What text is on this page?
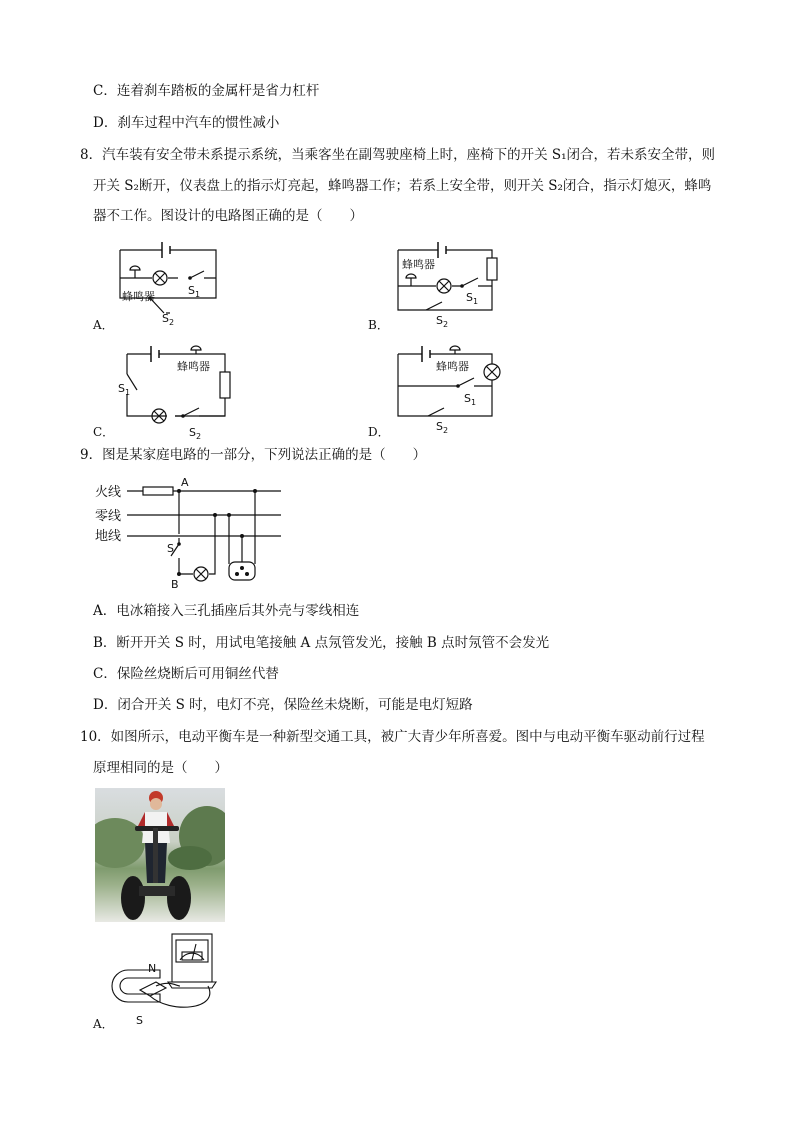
C．连着刹车踏板的金属杆是省力杠杆
D．刹车过程中汽车的惯性减小
8．汽车装有安全带未系提示系统，当乘客坐在副驾驶座椅上时，座椅下的开关 S₁闭合，若未系安全带，则
开关 S₂断开，仪表盘上的指示灯亮起，蜂鸣器工作；若系上安全带，则开关 S₂闭合，指示灯熄灭，蜂鸣
器不工作。图设计的电路图正确的是（　　）
蜂鸣器	$S_1$
$S_2$
A．
蜂鸣器
$S_1$
$S_2$
B．
蜂鸣器
$S_1$
$S_2$
C．
蜂鸣器
$S_1$
$S_2$
D．
9．图是某家庭电路的一部分，下列说法正确的是（　　）
火线
零线
地线
A
S
B
A．电冰箱接入三孔插座后其外壳与零线相连
B．断开开关 S 时，用试电笔接触 A 点氖管发光，接触 B 点时氖管不会发光
C．保险丝烧断后可用铜丝代替
D．闭合开关 S 时，电灯不亮，保险丝未烧断，可能是电灯短路
10．如图所示，电动平衡车是一种新型交通工具，被广大青少年所喜爱。图中与电动平衡车驱动前行过程
原理相同的是（　　）
N
S
A．
